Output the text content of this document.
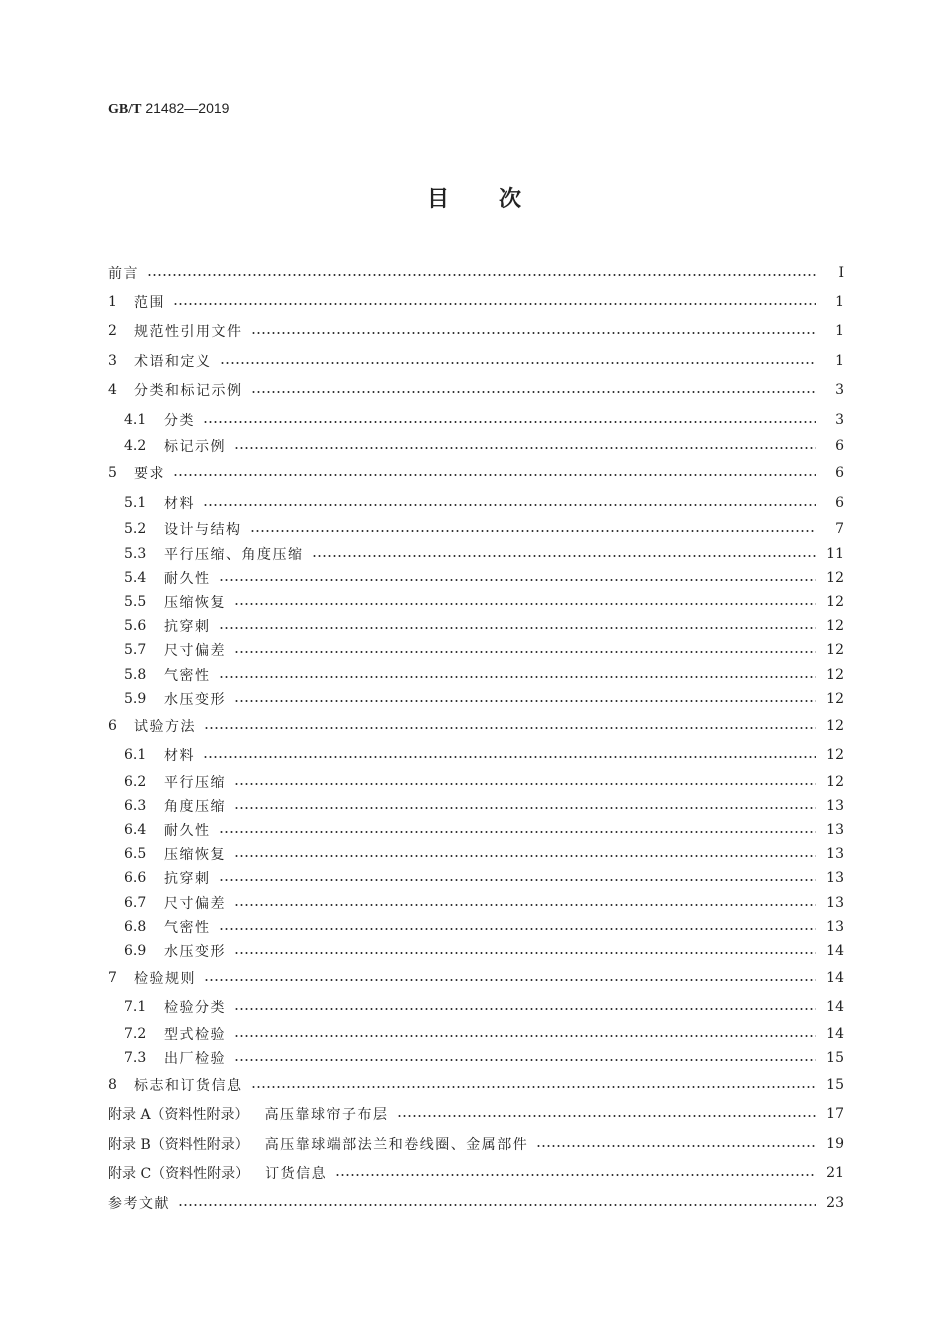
GB/T 21482—2019
目 次
前言	Ⅰ
1	范围	1
2	规范性引用文件	1
3	术语和定义	1
4	分类和标记示例	3
4.1	分类	3
4.2	标记示例	6
5	要求	6
5.1	材料	6
5.2	设计与结构	7
5.3	平行压缩、角度压缩	11
5.4	耐久性	12
5.5	压缩恢复	12
5.6	抗穿刺	12
5.7	尺寸偏差	12
5.8	气密性	12
5.9	水压变形	12
6	试验方法	12
6.1	材料	12
6.2	平行压缩	12
6.3	角度压缩	13
6.4	耐久性	13
6.5	压缩恢复	13
6.6	抗穿刺	13
6.7	尺寸偏差	13
6.8	气密性	13
6.9	水压变形	14
7	检验规则	14
7.1	检验分类	14
7.2	型式检验	14
7.3	出厂检验	15
8	标志和订货信息	15
附录 A（资料性附录） 高压靠球帘子布层	17
附录 B（资料性附录） 高压靠球端部法兰和卷线圈、金属部件	19
附录 C（资料性附录） 订货信息	21
参考文献	23
